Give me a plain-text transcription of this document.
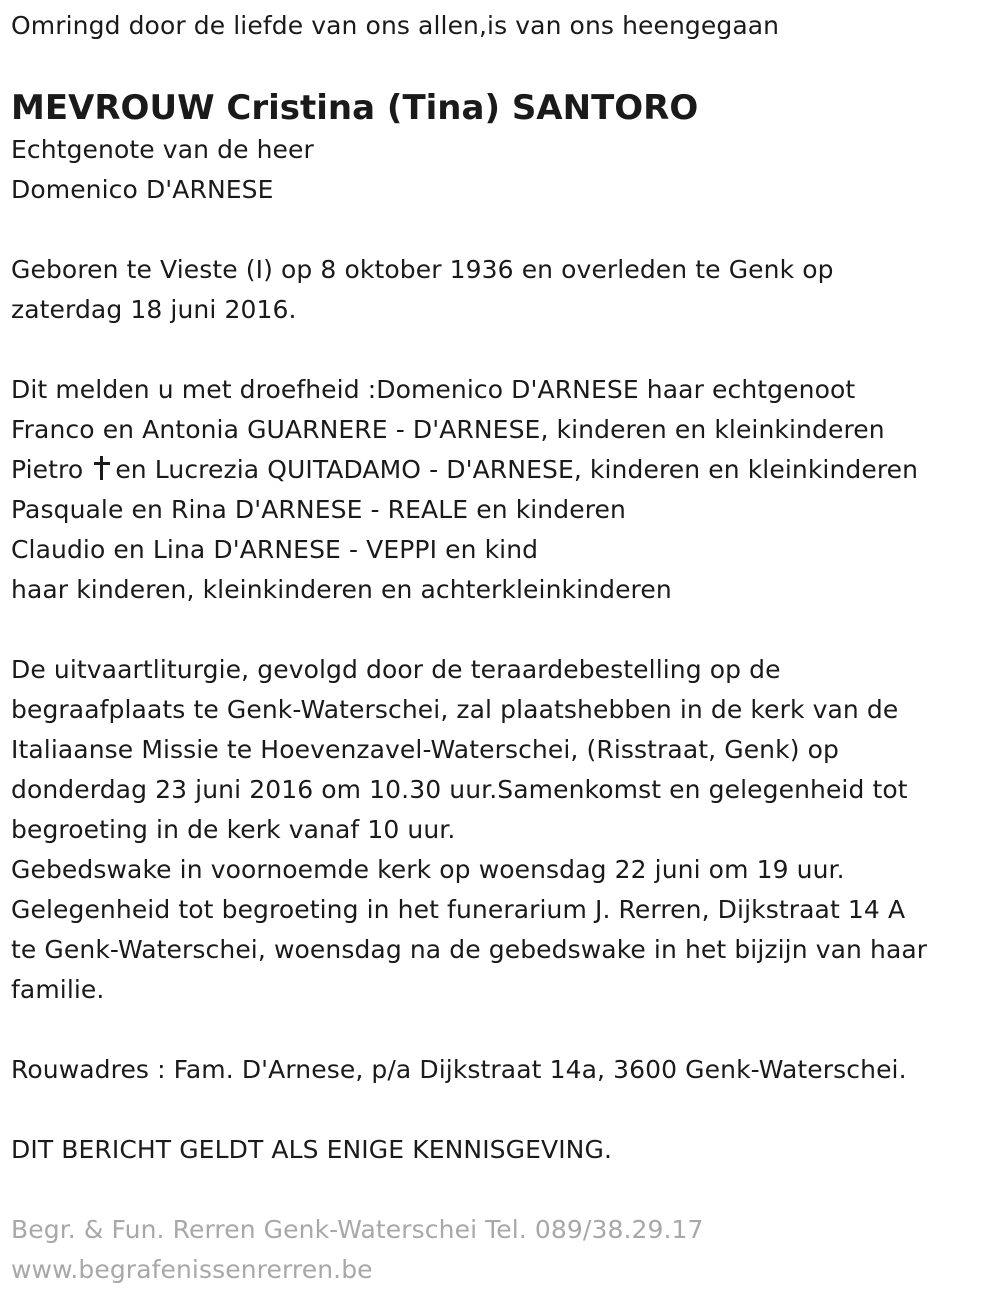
Omringd door de liefde van ons allen,is van ons heengegaan
MEVROUW Cristina (Tina) SANTORO
Echtgenote van de heer
Domenico D'ARNESE
Geboren te Vieste (I) op 8 oktober 1936 en overleden te Genk op
zaterdag 18 juni 2016.
Dit melden u met droefheid :Domenico D'ARNESE haar echtgenoot
Franco en Antonia GUARNERE - D'ARNESE, kinderen en kleinkinderen
Pietro en Lucrezia QUITADAMO - D'ARNESE, kinderen en kleinkinderen
Pasquale en Rina D'ARNESE - REALE en kinderen
Claudio en Lina D'ARNESE - VEPPI en kind
haar kinderen, kleinkinderen en achterkleinkinderen
De uitvaartliturgie, gevolgd door de teraardebestelling op de
begraafplaats te Genk-Waterschei, zal plaatshebben in de kerk van de
Italiaanse Missie te Hoevenzavel-Waterschei, (Risstraat, Genk) op
donderdag 23 juni 2016 om 10.30 uur.Samenkomst en gelegenheid tot
begroeting in de kerk vanaf 10 uur.
Gebedswake in voornoemde kerk op woensdag 22 juni om 19 uur.
Gelegenheid tot begroeting in het funerarium J. Rerren, Dijkstraat 14 A
te Genk-Waterschei, woensdag na de gebedswake in het bijzijn van haar
familie.
Rouwadres : Fam. D'Arnese, p/a Dijkstraat 14a, 3600 Genk-Waterschei.
DIT BERICHT GELDT ALS ENIGE KENNISGEVING.
Begr. & Fun. Rerren Genk-Waterschei Tel. 089/38.29.17
www.begrafenissenrerren.be
